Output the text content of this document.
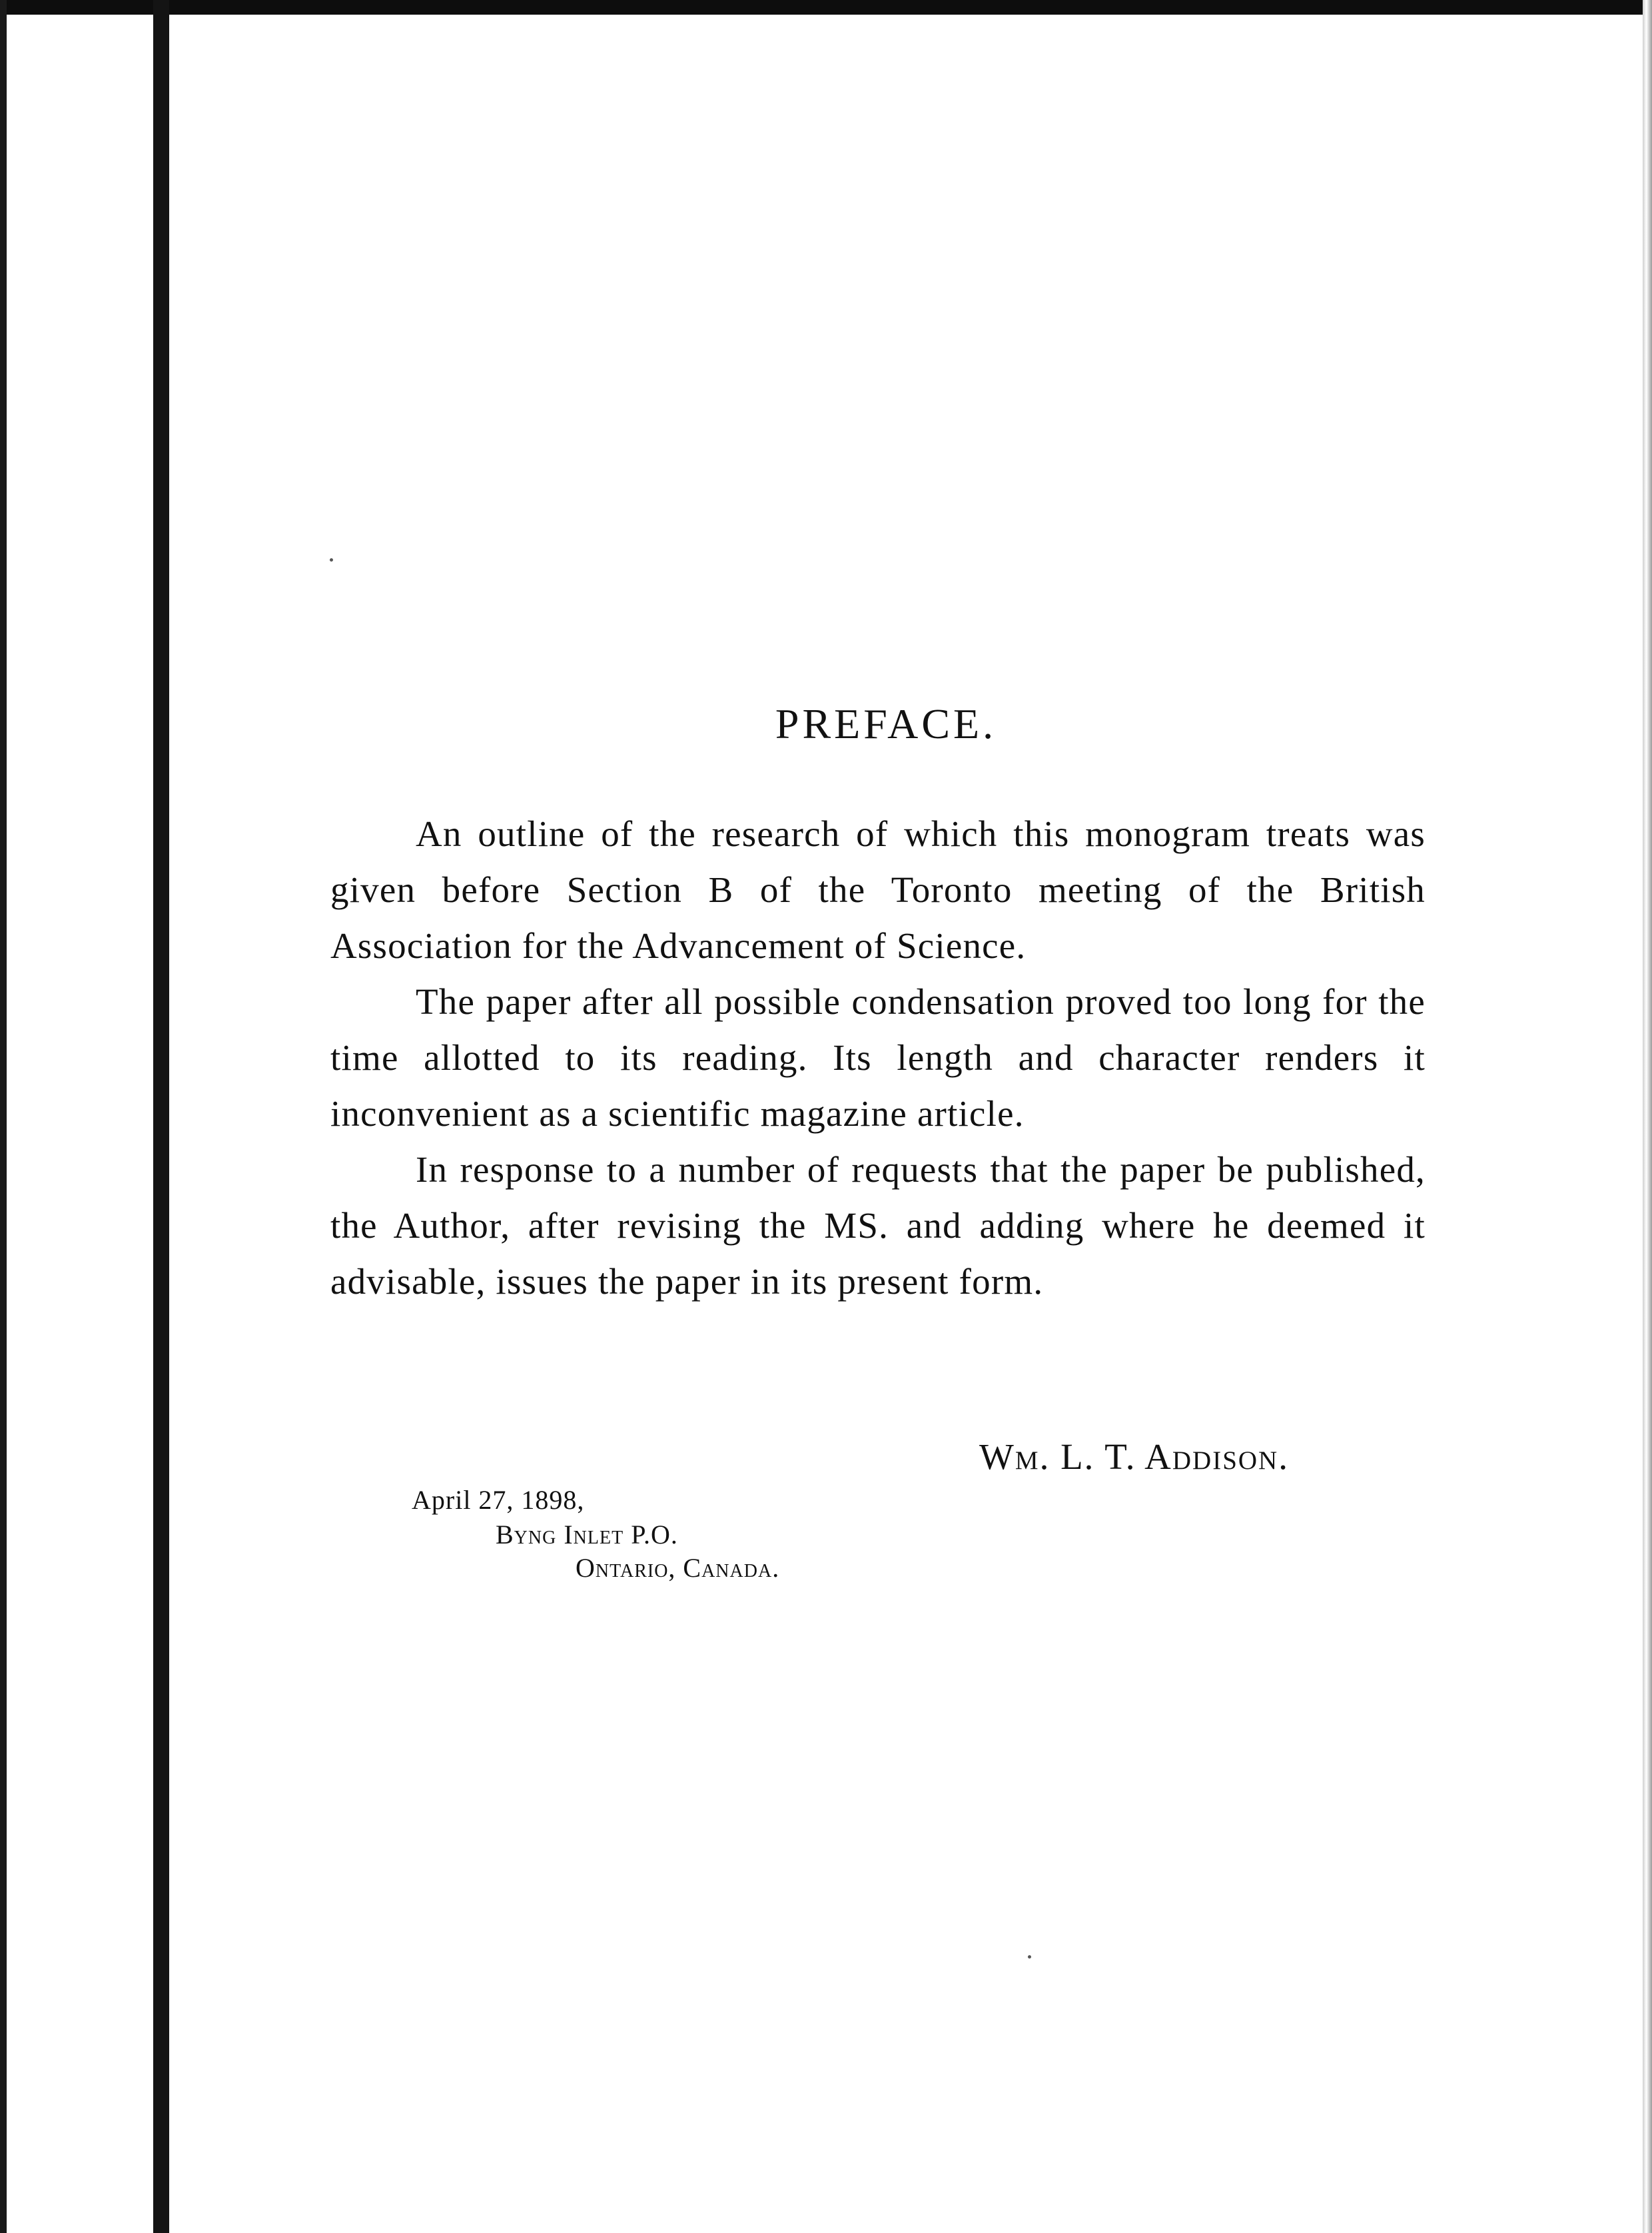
PREFACE.

An outline of the research of which this monogram treats was given before Section B of the Toronto meeting of the British Association for the Advancement of Science.

The paper after all possible condensation proved too long for the time allotted to its reading. Its length and character renders it inconvenient as a scientific magazine article.

In response to a number of requests that the paper be published, the Author, after revising the MS. and adding where he deemed it advisable, issues the paper in its present form.

Wm. L. T. Addison.
April 27, 1898,
Byng Inlet P.O.
Ontario, Canada.
